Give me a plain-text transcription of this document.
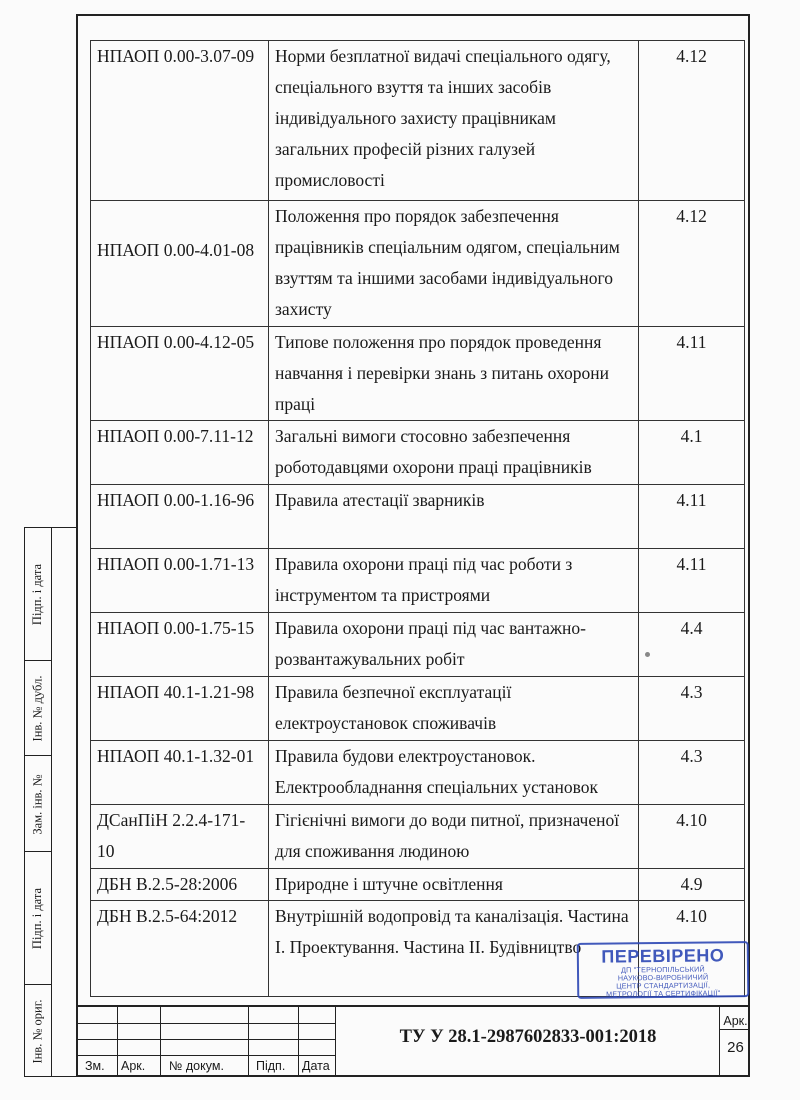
НПАОП 0.00-3.07-09	Норми безплатної видачі спеціального одягу, спеціального взуття та інших засобів індивідуального захисту працівникам загальних професій різних галузей промисловості	4.12
НПАОП 0.00-4.01-08	Положення про порядок забезпечення працівників спеціальним одягом, спеціальним взуттям та іншими засобами індивідуального захисту	4.12
НПАОП 0.00-4.12-05	Типове положення про порядок проведення навчання і перевірки знань з питань охорони праці	4.11
НПАОП 0.00-7.11-12	Загальні вимоги стосовно забезпечення роботодавцями охорони праці працівників	4.1
НПАОП 0.00-1.16-96	Правила атестації зварників	4.11
НПАОП 0.00-1.71-13	Правила охорони праці під час роботи з інструментом та пристроями	4.11
НПАОП 0.00-1.75-15	Правила охорони праці під час вантажно-розвантажувальних робіт	4.4
НПАОП 40.1-1.21-98	Правила безпечної експлуатації електроустановок споживачів	4.3
НПАОП 40.1-1.32-01	Правила будови електроустановок. Електрообладнання спеціальних установок	4.3
ДСанПіН 2.2.4-171-10	Гігієнічні вимоги до води питної, призначеної для споживання людиною	4.10
ДБН В.2.5-28:2006	Природне і штучне освітлення	4.9
ДБН В.2.5-64:2012	Внутрішній водопровід та каналізація. Частина І. Проектування. Частина ІІ. Будівництво	4.10
Підп. і дата
Інв. № дубл.
Зам. інв. №
Підп. і дата
Інв. № ориг.
Зм. Арк. № докум.	Підп. Дата
ТУ У 28.1-2987602833-001:2018
Арк.
26
ПЕРЕВІРЕНО
ДП "ТЕРНОПІЛЬСЬКИЙ
НАУКОВО-ВИРОБНИЧИЙ
ЦЕНТР СТАНДАРТИЗАЦІЇ,
МЕТРОЛОГІЇ ТА СЕРТИФІКАЦІЇ"
